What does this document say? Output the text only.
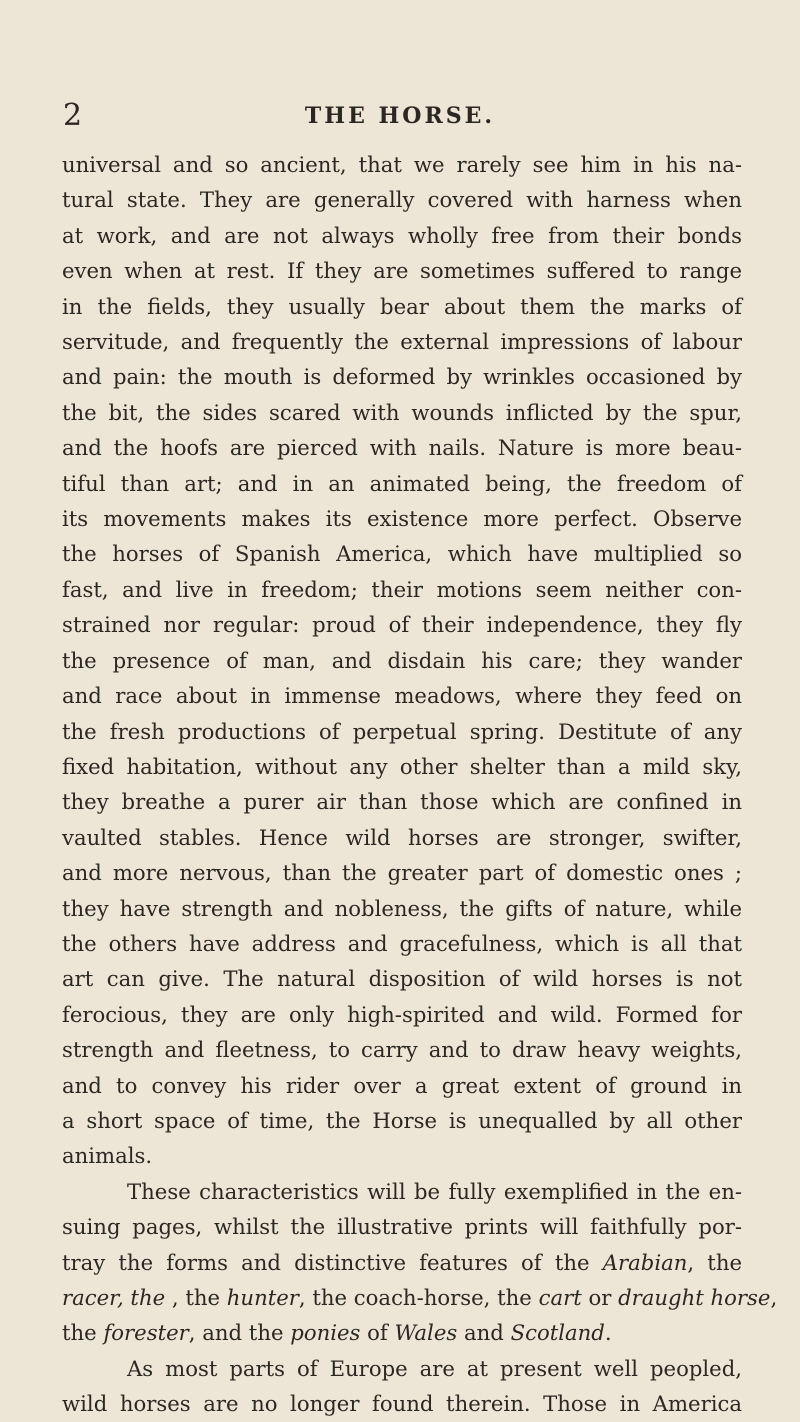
2	THE HORSE.
universal and so ancient, that we rarely see him in his na-
tural state. They are generally covered with harness when
at work, and are not always wholly free from their bonds
even when at rest. If they are sometimes suffered to range
in the fields, they usually bear about them the marks of
servitude, and frequently the external impressions of labour
and pain: the mouth is deformed by wrinkles occasioned by
the bit, the sides scared with wounds inflicted by the spur,
and the hoofs are pierced with nails. Nature is more beau-
tiful than art; and in an animated being, the freedom of
its movements makes its existence more perfect. Observe
the horses of Spanish America, which have multiplied so
fast, and live in freedom; their motions seem neither con-
strained nor regular: proud of their independence, they fly
the presence of man, and disdain his care; they wander
and race about in immense meadows, where they feed on
the fresh productions of perpetual spring. Destitute of any
fixed habitation, without any other shelter than a mild sky,
they breathe a purer air than those which are confined in
vaulted stables. Hence wild horses are stronger, swifter,
and more nervous, than the greater part of domestic ones ;
they have strength and nobleness, the gifts of nature, while
the others have address and gracefulness, which is all that
art can give. The natural disposition of wild horses is not
ferocious, they are only high-spirited and wild. Formed for
strength and fleetness, to carry and to draw heavy weights,
and to convey his rider over a great extent of ground in
a short space of time, the Horse is unequalled by all other
animals.
These characteristics will be fully exemplified in the en-
suing pages, whilst the illustrative prints will faithfully por-
tray the forms and distinctive features of the Arabian, the
racer, the , the hunter, the coach-horse, the cart or draught horse,
the forester, and the ponies of Wales and Scotland.
As most parts of Europe are at present well peopled,
wild horses are no longer found therein. Those in America
